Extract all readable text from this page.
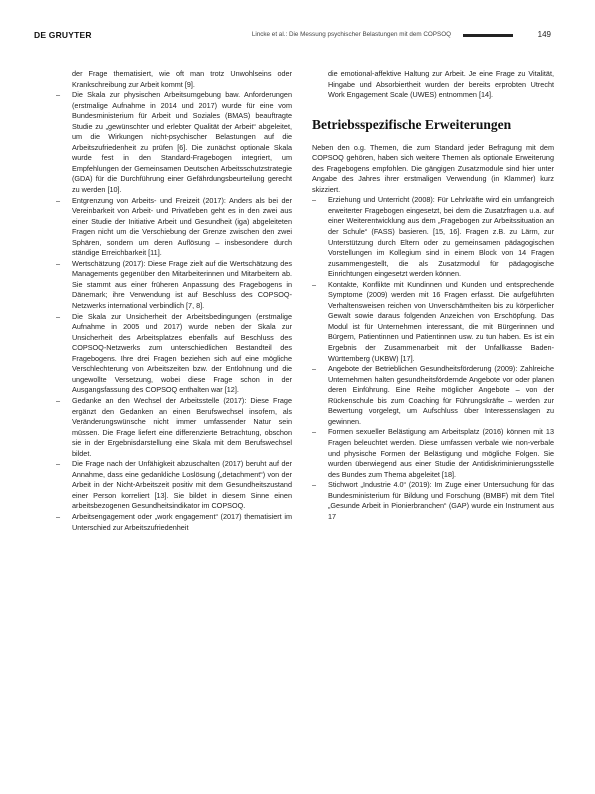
DE GRUYTER	Lincke et al.: Die Messung psychischer Belastungen mit dem COPSOQ	149

der Frage thematisiert, wie oft man trotz Unwohlseins oder Krankschreibung zur Arbeit kommt [9].

– Die Skala zur physischen Arbeitsumgebung baw. Anforderungen (erstmalige Aufnahme in 2014 und 2017) wurde für eine vom Bundesministerium für Arbeit und Soziales (BMAS) beauftragte Studie zu „gewünschter und erlebter Qualität der Arbeit“ abgeleitet, um die Wirkungen nicht-psychischer Belastungen auf die Arbeitszufriedenheit zu prüfen [6]. Die zunächst optionale Skala wurde fest in den Standard-Fragebogen integriert, um Empfehlungen der Gemeinsamen Deutschen Arbeitsschutzstrategie (GDA) für die Durchführung einer Gefährdungsbeurteilung gerecht zu werden [10].
– Entgrenzung von Arbeits- und Freizeit (2017): Anders als bei der Vereinbarkeit von Arbeit- und Privatleben geht es in den zwei aus einer Studie der Initiative Arbeit und Gesundheit (iga) abgeleiteten Fragen nicht um die Verschiebung der Grenze zwischen den zwei Sphären, sondern um deren Auflösung – insbesondere durch ständige Erreichbarkeit [11].
– Wertschätzung (2017): Diese Frage zielt auf die Wertschätzung des Managements gegenüber den Mitarbeiterinnen und Mitarbeitern ab. Sie stammt aus einer früheren Anpassung des Fragebogens in Dänemark; ihre Verwendung ist auf Beschluss des COPSOQ-Netzwerks international verbindlich [7, 8].
– Die Skala zur Unsicherheit der Arbeitsbedingungen (erstmalige Aufnahme in 2005 und 2017) wurde neben der Skala zur Unsicherheit des Arbeitsplatzes ebenfalls auf Beschluss des COPSOQ-Netzwerks zum unterschiedlichen Bestandteil des Fragebogens. Ihre drei Fragen beziehen sich auf eine mögliche Verschlechterung von Arbeitszeiten bzw. der Entlohnung und die ungewollte Versetzung, wobei diese Frage schon in der Ausgangsfassung des COPSOQ enthalten war [12].
– Gedanke an den Wechsel der Arbeitsstelle (2017): Diese Frage ergänzt den Gedanken an einen Berufswechsel insofern, als Veränderungswünsche nicht immer umfassender Natur sein müssen. Die Frage liefert eine differenzierte Betrachtung, obschon sie in der Ergebnisdarstellung eine Skala mit dem Berufswechsel bildet.
– Die Frage nach der Unfähigkeit abzuschalten (2017) beruht auf der Annahme, dass eine gedankliche Loslösung („detachment“) von der Arbeit in der Nicht-Arbeitszeit positiv mit dem Gesundheitszustand einer Person korreliert [13]. Sie bildet in diesem Sinne einen arbeitsbezogenen Gesundheitsindikator im COPSOQ.
– Arbeitsengagement oder „work engagement“ (2017) thematisiert im Unterschied zur Arbeitszufriedenheit

die emotional-affektive Haltung zur Arbeit. Je eine Frage zu Vitalität, Hingabe und Absorbiertheit wurden der bereits erprobten Utrecht Work Engagement Scale (UWES) entnommen [14].

Betriebsspezifische Erweiterungen

Neben den o.g. Themen, die zum Standard jeder Befragung mit dem COPSOQ gehören, haben sich weitere Themen als optionale Erweiterung des Fragebogens empfohlen. Die gängigen Zusatzmodule sind hier unter Angabe des Jahres ihrer erstmaligen Verwendung (in Klammer) kurz skizziert.

– Erziehung und Unterricht (2008): Für Lehrkräfte wird ein umfangreich erweiterter Fragebogen eingesetzt, bei dem die Zusatzfragen u.a. auf einer Weiterentwicklung aus dem „Fragebogen zur Arbeitssituation an der Schule“ (FASS) basieren. [15, 16]. Fragen z.B. zu Lärm, zur Unterstützung durch Eltern oder zu gemeinsamen pädagogischen Vorstellungen im Kollegium sind in einem Block von 14 Fragen zusammengestellt, die als Zusatzmodul für pädagogische Einrichtungen eingesetzt werden können.
– Kontakte, Konflikte mit Kundinnen und Kunden und entsprechende Symptome (2009) werden mit 16 Fragen erfasst. Die aufgeführten Verhaltensweisen reichen von Unverschämtheiten bis zu körperlicher Gewalt sowie daraus folgenden Anzeichen von Erschöpfung. Das Modul ist für Unternehmen interessant, die mit Bürgerinnen und Bürgern, Patientinnen und Patientinnen usw. zu tun haben. Es ist ein Ergebnis der Zusammenarbeit mit der Unfallkasse Baden-Württemberg (UKBW) [17].
– Angebote der Betrieblichen Gesundheitsförderung (2009): Zahlreiche Unternehmen halten gesundheitsfördernde Angebote vor oder planen deren Einführung. Eine Reihe möglicher Angebote – von der Rückenschule bis zum Coaching für Führungskräfte – werden zur Bewertung vorgelegt, um Aufschluss über Interessenslagen zu gewinnen.
– Formen sexueller Belästigung am Arbeitsplatz (2016) können mit 13 Fragen beleuchtet werden. Diese umfassen verbale wie non-verbale und physische Formen der Belästigung und mögliche Folgen. Sie wurden überwiegend aus einer Studie der Antidiskriminierungsstelle des Bundes zum Thema abgeleitet [18].
– Stichwort „Industrie 4.0“ (2019): Im Zuge einer Untersuchung für das Bundesministerium für Bildung und Forschung (BMBF) mit dem Titel „Gesunde Arbeit in Pionierbranchen“ (GAP) wurde ein Instrument aus 17
